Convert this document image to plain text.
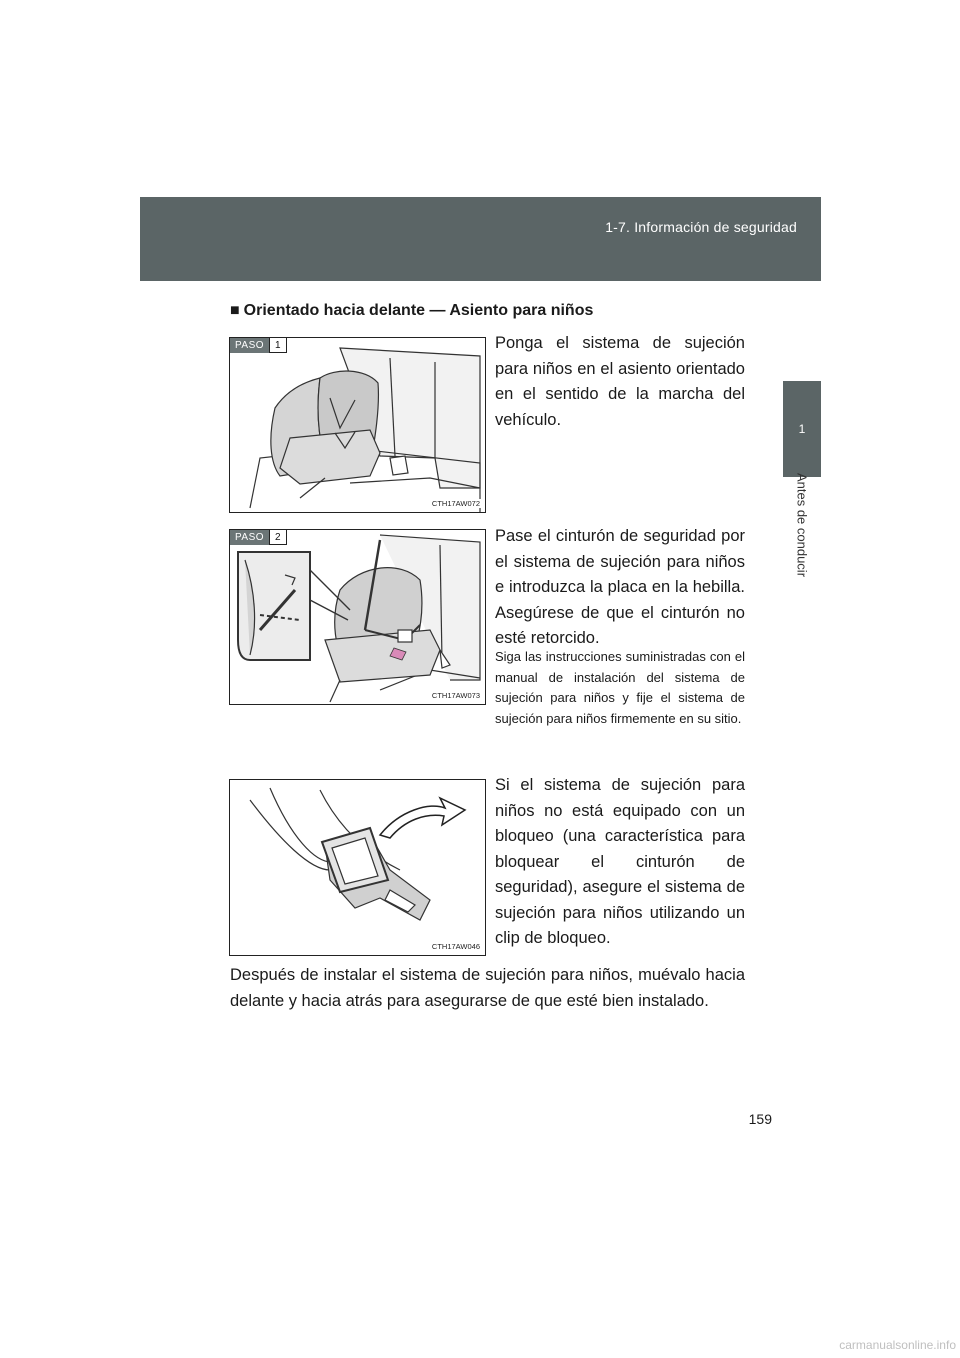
1-7. Información de seguridad
1
Antes de conducir
■ Orientado hacia delante — Asiento para niños
PASO	1
CTH17AW072
Ponga el sistema de sujeción para niños en el asiento orientado en el sentido de la marcha del vehículo.
PASO	2
CTH17AW073
Pase el cinturón de seguridad por el sistema de sujeción para niños e introduzca la placa en la hebilla. Asegúrese de que el cinturón no esté retorcido.
Siga las instrucciones suministradas con el manual de instalación del sistema de sujeción para niños y fije el sistema de sujeción para niños firmemente en su sitio.
CTH17AW046
Si el sistema de sujeción para niños no está equipado con un bloqueo (una característica para bloquear el cinturón de seguridad), asegure el sistema de sujeción para niños utilizando un clip de bloqueo.
Después de instalar el sistema de sujeción para niños, muévalo hacia delante y hacia atrás para asegurarse de que esté bien instalado.
159
carmanualsonline.info
